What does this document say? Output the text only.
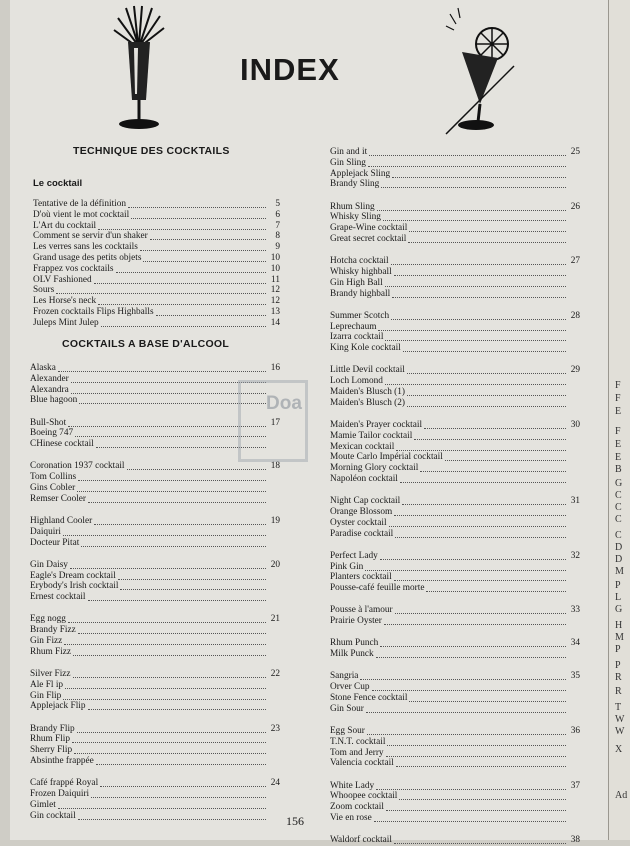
F
F
E
F
E
E
B
G
C
C
C
C
D
D
M
P
L
G
H
M
P
P
R
R
T
W
W
X
Ad
INDEX
TECHNIQUE DES COCKTAILS
Le cocktail
COCKTAILS A BASE D'ALCOOL
Tentative de la définition	5
D'où vient le mot cocktail	6
L'Art du cocktail	7
Comment se servir d'un shaker	8
Les verres sans les cocktails	9
Grand usage des petits objets	10
Frappez vos cocktails	10
OLV Fashioned	11
Sours	12
Les Horse's neck	12
Frozen cocktails Flips Highballs	13
Juleps Mint Julep	14
Alaska	16
Alexander
Alexandra
Blue hagoon
Bull-Shot	17
Boeing 747
CHinese cocktail
Coronation 1937 cocktail	18
Tom Collins
Gins Cobler
Remser Cooler
Highland Cooler	19
Daiquiri
Docteur Pitat
Gin Daisy	20
Eagle's Dream cocktail
Erybody's Irish cocktail
Ernest cocktail
Egg nogg	21
Brandy Fizz
Gin Fizz
Rhum Fizz
Silver Fizz	22
Ale Fl ip
Gin Flip
Applejack Flip
Brandy Flip	23
Rhum Flip
Sherry Flip
Absinthe frappée
Café frappé Royal	24
Frozen Daiquiri
Gimlet
Gin cocktail
Gin and it	25
Gin Sling
Applejack Sling
Brandy Sling
Rhum Sling	26
Whisky Sling
Grape-Wine cocktail
Great secret cocktail
Hotcha cocktail	27
Whisky highball
Gin High Ball
Brandy highball
Summer Scotch	28
Leprechaum
Izarra cocktail
King Kole cocktail
Little Devil cocktail	29
Loch Lomond
Maiden's Blusch (1)
Maiden's Blusch (2)
Maiden's Prayer cocktail	30
Mamie Tailor cocktail
Mexican cocktail
Moute Carlo Impérial cocktail
Morning Glory cocktail
Napoléon cocktail
Night Cap cocktail	31
Orange Blossom
Oyster cocktail
Paradise cocktail
Perfect Lady	32
Pink Gin
Planters cocktail
Pousse-café feuille morte
Pousse à l'amour	33
Prairie Oyster
Rhum Punch	34
Milk Punck
Sangria	35
Orver Cup
Stone Fence cocktail
Gin Sour
Egg Sour	36
T.N.T. cocktail
Tom and Jerry
Valencia cocktail
White Lady	37
Whoopee cocktail
Zoom cocktail
Vie en rose
Waldorf cocktail	38
Doa
156
